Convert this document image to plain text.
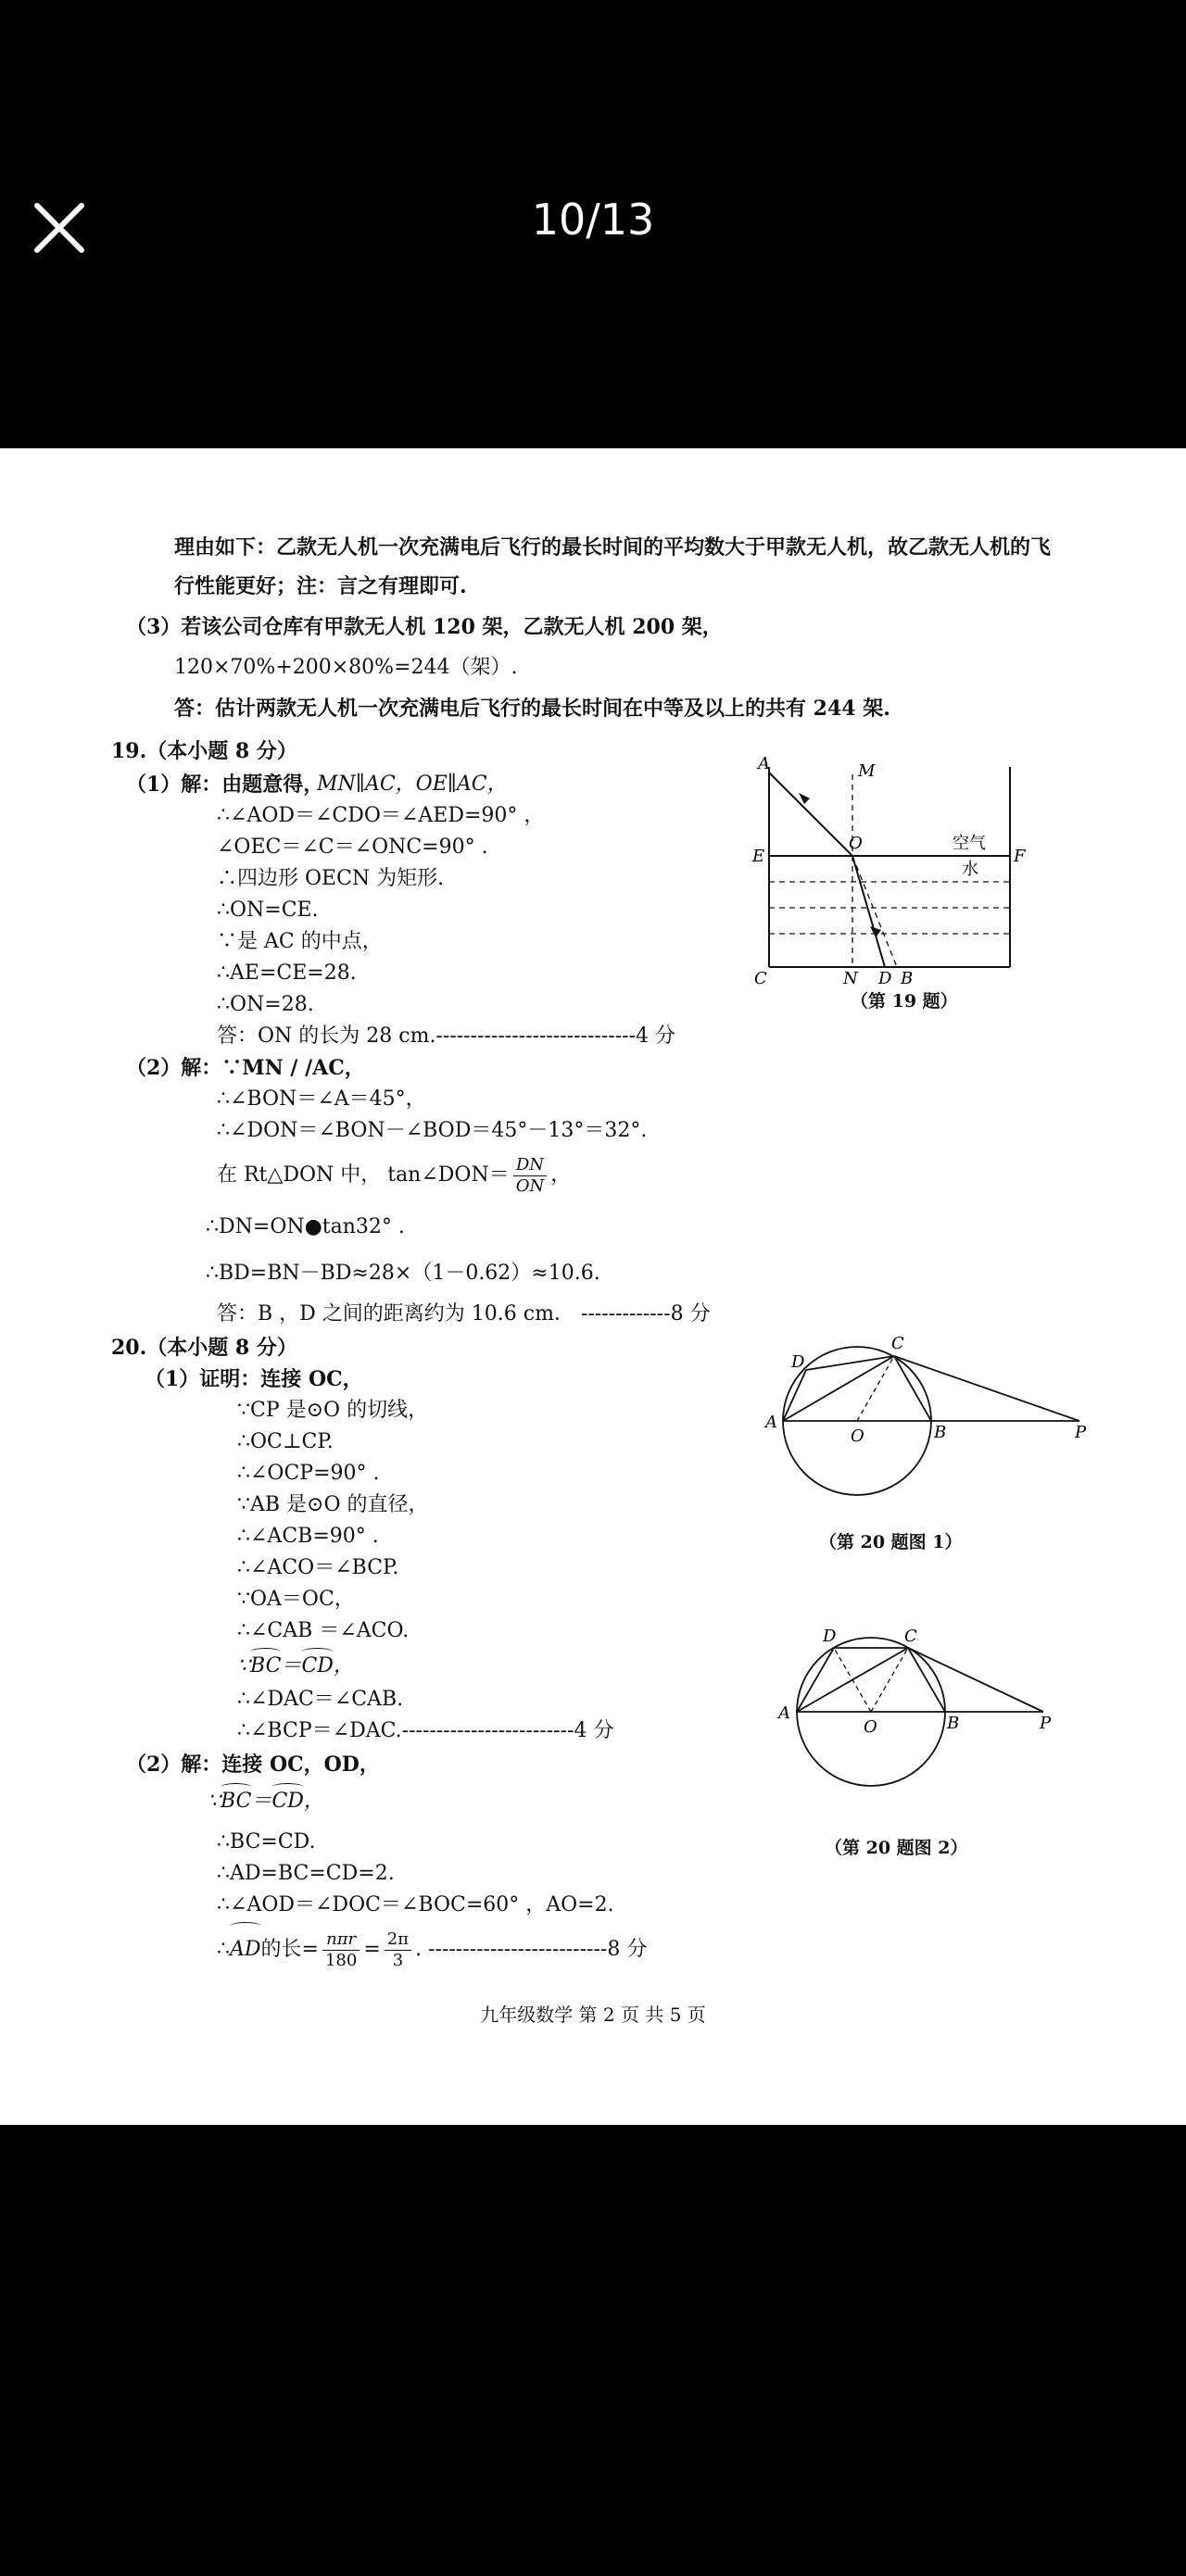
10/13
理由如下：乙款无人机一次充满电后飞行的最长时间的平均数大于甲款无人机，故乙款无人机的飞
行性能更好；注：言之有理即可.
（3）若该公司仓库有甲款无人机 120 架，乙款无人机 200 架，
120×70%+200×80%=244（架）.
答：估计两款无人机一次充满电后飞行的最长时间在中等及以上的共有 244 架.
19.（本小题 8 分）
（1）解：由题意得，
MN∥AC，OE∥AC，
∴∠AOD＝∠CDO＝∠AED=90° ，
∠OEC＝∠C＝∠ONC=90° .
∴四边形 OECN 为矩形.
∴ON=CE.
∵是 AC 的中点，
∴AE=CE=28.
∴ON=28.
答：ON 的长为 28 cm.-----------------------------4 分
（2）解：∵MN / /AC，
∴∠BON＝∠A＝45°，
∴∠DON＝∠BON－∠BOD＝45°－13°＝32°.
在 Rt△DON 中， tan∠DON＝ $\frac{DN}{ON}$ ，
∴DN=ON●tan32° .
∴BD=BN－BD≈28×（1－0.62）≈10.6.
答：B ，D 之间的距离约为 10.6 cm． -------------8 分
A	M
E
O
F
C	N D B
空气
水
（第 19 题）
20.（本小题 8 分）
（1）证明：连接 OC，
∵CP 是⊙O 的切线，
∴OC⊥CP.
∴∠OCP=90° .
∵AB 是⊙O 的直径，
∴∠ACB=90° .
∴∠ACO＝∠BCP.
∵OA＝OC，
∴∠CAB ＝∠ACO.
∵BC＝CD，
∴∠DAC＝∠CAB.
∴∠BCP＝∠DAC.-------------------------4 分
（2）解：连接 OC，OD，
∵BC＝CD，
∴BC=CD.
∴AD=BC=CD=2.
∴∠AOD＝∠DOC＝∠BOC=60° ，AO=2.
∴AD的长= $\frac{\text{nπr}}{180} = \frac{2\pi}{3}$ . --------------------------8 分
D
C
A
O	B	P
（第 20 题图 1）
D	C
A
O	B	P
（第 20 题图 2）
九年级数学 第 2 页 共 5 页
